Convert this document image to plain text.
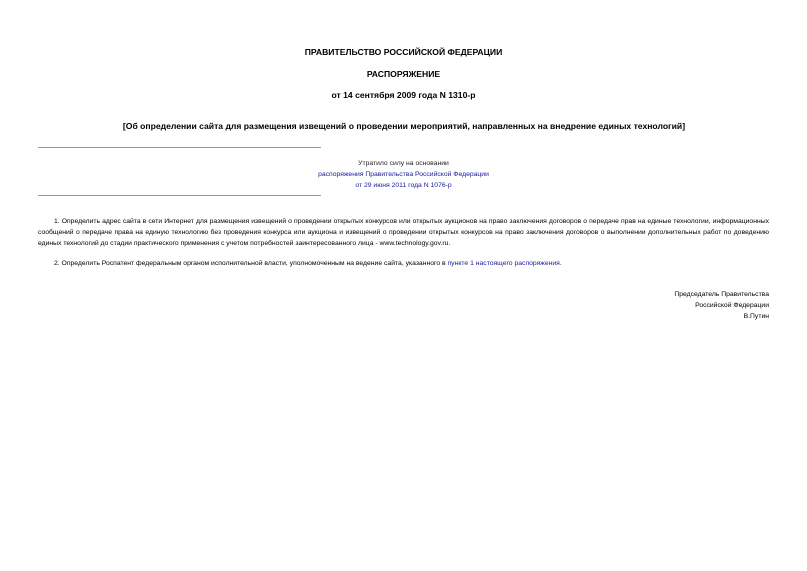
ПРАВИТЕЛЬСТВО РОССИЙСКОЙ ФЕДЕРАЦИИ
РАСПОРЯЖЕНИЕ
от 14 сентября 2009 года N 1310-р
[Об определении сайта для размещения извещений о проведении мероприятий, направленных на внедрение единых технологий]
Утратило силу на основании
распоряжения Правительства Российской Федерации
от 29 июня 2011 года N 1076-р
1. Определить адрес сайта в сети Интернет для размещения извещений о проведении открытых конкурсов или открытых аукционов на право заключения договоров о передаче прав на единые технологии, информационных сообщений о передаче права на единую технологию без проведения конкурса или аукциона и извещений о проведении открытых конкурсов на право заключения договоров о выполнении дополнительных работ по доведению единых технологий до стадии практического применения с учетом потребностей заинтересованного лица - www.technology.gov.ru.
2. Определить Роспатент федеральным органом исполнительной власти, уполномоченным на ведение сайта, указанного в пункте 1 настоящего распоряжения.
Председатель Правительства
Российской Федерации
В.Путин
